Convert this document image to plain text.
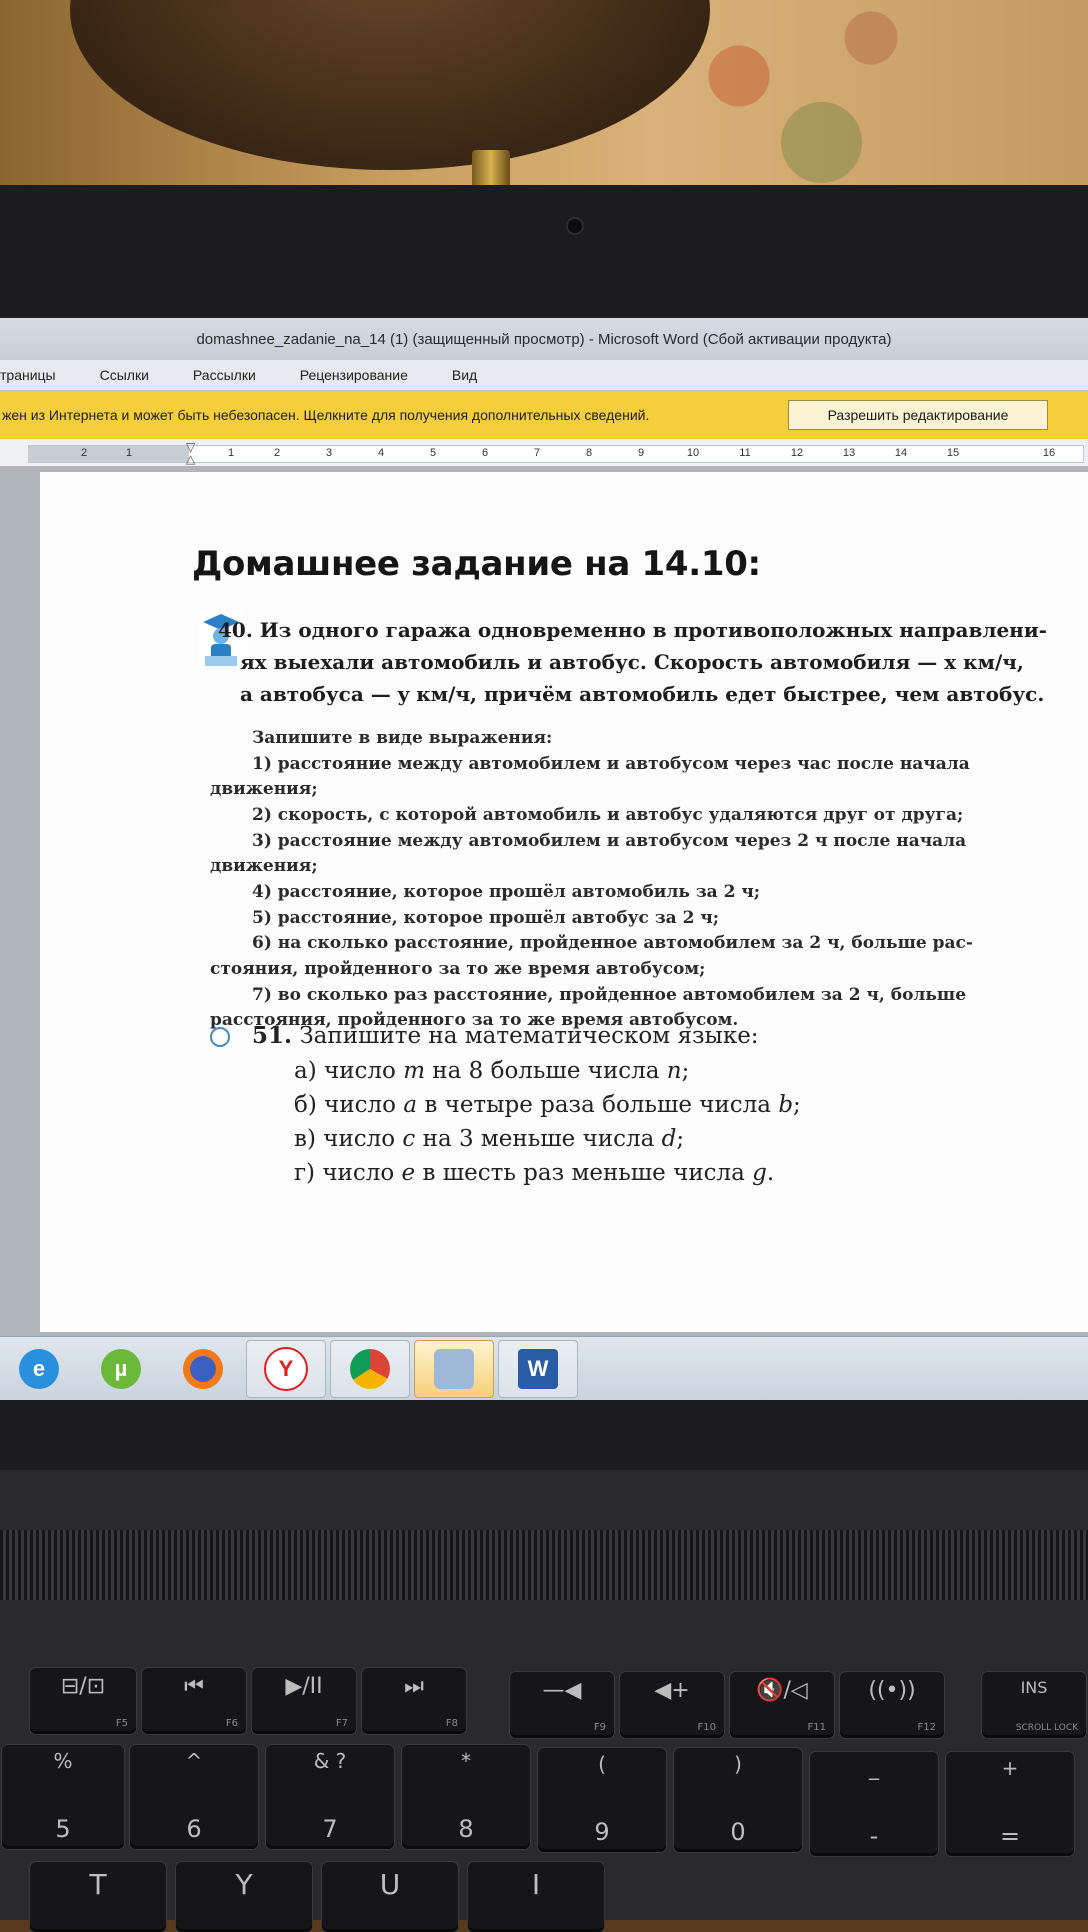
domashnee_zadanie_na_14 (1) (защищенный просмотр) - Microsoft Word (Сбой активации продукта)
траницы	Ссылки	Рассылки	Рецензирование	Вид
жен из Интернета и может быть небезопасен. Щелкните для получения дополнительных сведений.	Разрешить редактирование
2	1	1	2	3	4	5	6	7	8	9	10	11	12	13	14	15	16
▽
△
Домашнее задание на 14.10:
40. Из одного гаража одновременно в противоположных направлени-
ях выехали автомобиль и автобус. Скорость автомобиля — x км/ч,
а автобуса — y км/ч, причём автомобиль едет быстрее, чем автобус.
Запишите в виде выражения:
1) расстояние между автомобилем и автобусом через час после начала
движения;
2) скорость, с которой автомобиль и автобус удаляются друг от друга;
3) расстояние между автомобилем и автобусом через 2 ч после начала
движения;
4) расстояние, которое прошёл автомобиль за 2 ч;
5) расстояние, которое прошёл автобус за 2 ч;
6) на сколько расстояние, пройденное автомобилем за 2 ч, больше рас-
стояния, пройденного за то же время автобусом;
7) во сколько раз расстояние, пройденное автомобилем за 2 ч, больше
расстояния, пройденного за то же время автобусом.
51. Запишите на математическом языке:
а) число m на 8 больше числа n;
б) число a в четыре раза больше числа b;
в) число c на 3 меньше числа d;
г) число e в шесть раз меньше числа g.
e	µ	Y	W
⊟/⊡
F5
⏮
F6
▶/II
F7
⏭
F8
—◀
F9
◀+
F10
🔇/◁
F11
((•))
F12
INS
SCROLL LOCK
%
5
^
6
& ?
7
*
8
(
9
)
0
_
-
+
=
T	Y	U	I
